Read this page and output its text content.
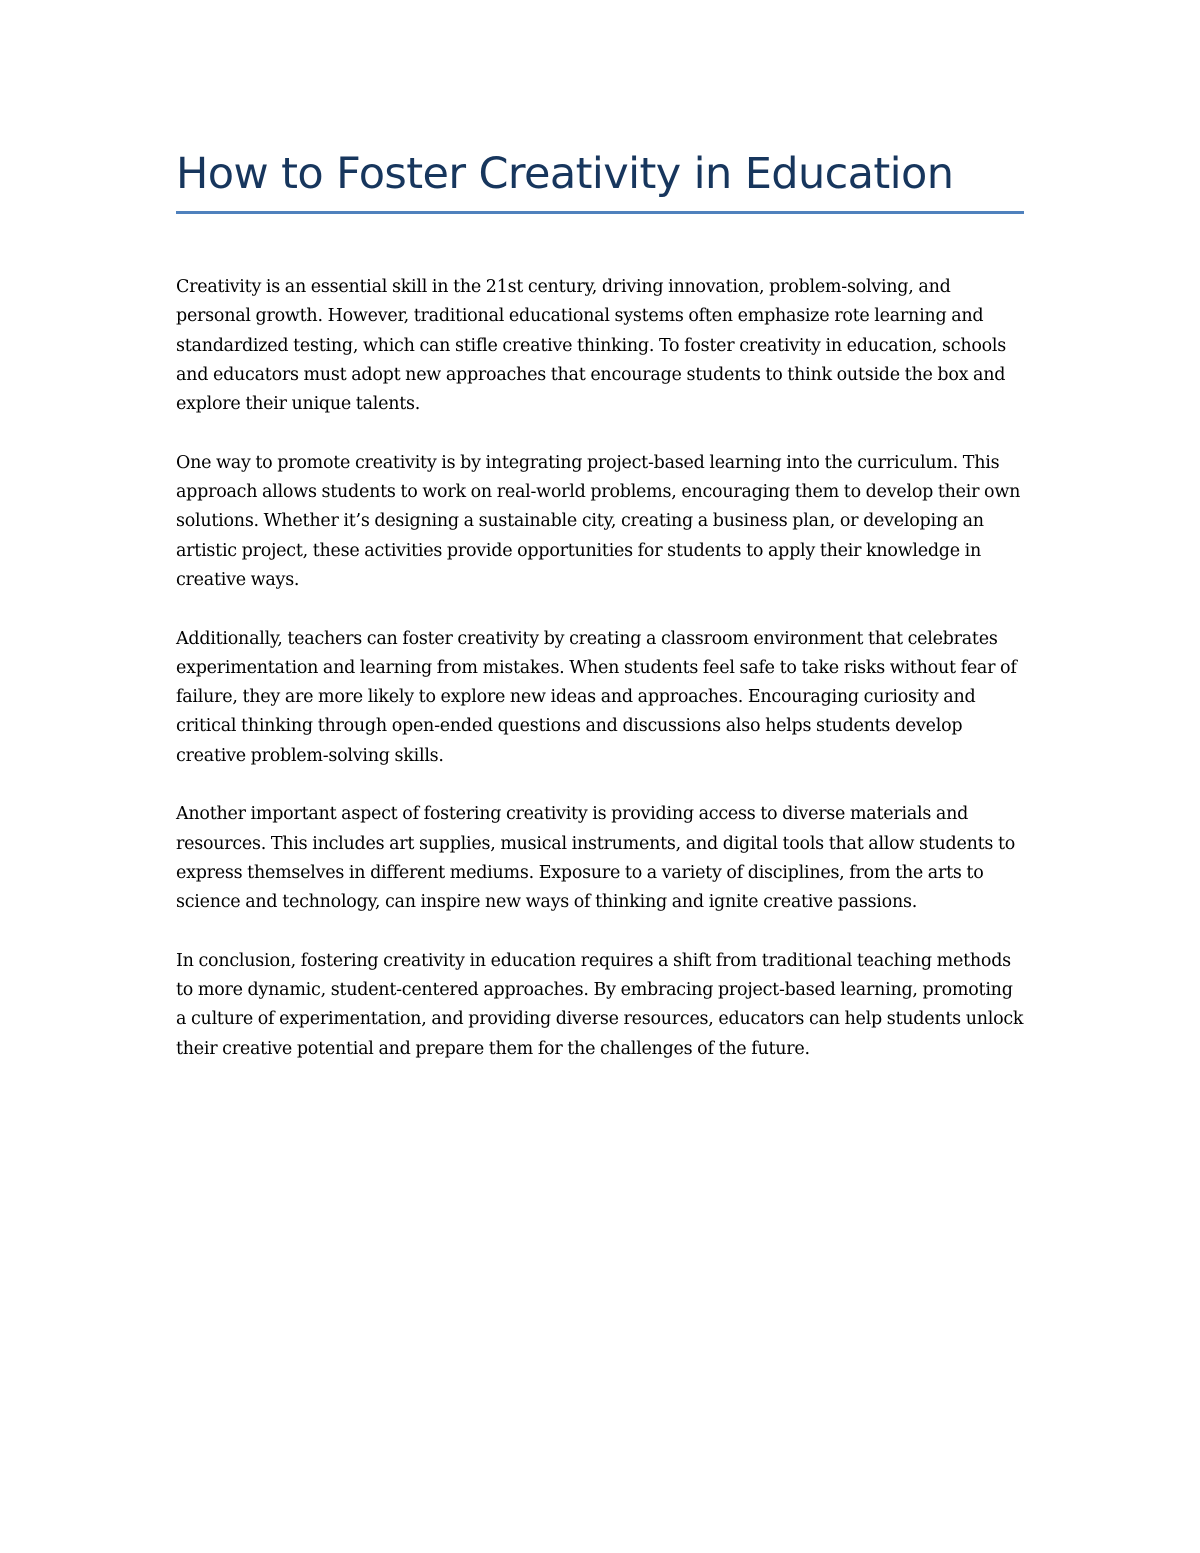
How to Foster Creativity in Education

Creativity is an essential skill in the 21st century, driving innovation, problem-solving, and personal growth. However, traditional educational systems often emphasize rote learning and standardized testing, which can stifle creative thinking. To foster creativity in education, schools and educators must adopt new approaches that encourage students to think outside the box and explore their unique talents.

One way to promote creativity is by integrating project-based learning into the curriculum. This approach allows students to work on real-world problems, encouraging them to develop their own solutions. Whether it’s designing a sustainable city, creating a business plan, or developing an artistic project, these activities provide opportunities for students to apply their knowledge in creative ways.

Additionally, teachers can foster creativity by creating a classroom environment that celebrates experimentation and learning from mistakes. When students feel safe to take risks without fear of failure, they are more likely to explore new ideas and approaches. Encouraging curiosity and critical thinking through open-ended questions and discussions also helps students develop creative problem-solving skills.

Another important aspect of fostering creativity is providing access to diverse materials and resources. This includes art supplies, musical instruments, and digital tools that allow students to express themselves in different mediums. Exposure to a variety of disciplines, from the arts to science and technology, can inspire new ways of thinking and ignite creative passions.

In conclusion, fostering creativity in education requires a shift from traditional teaching methods to more dynamic, student-centered approaches. By embracing project-based learning, promoting a culture of experimentation, and providing diverse resources, educators can help students unlock their creative potential and prepare them for the challenges of the future.
